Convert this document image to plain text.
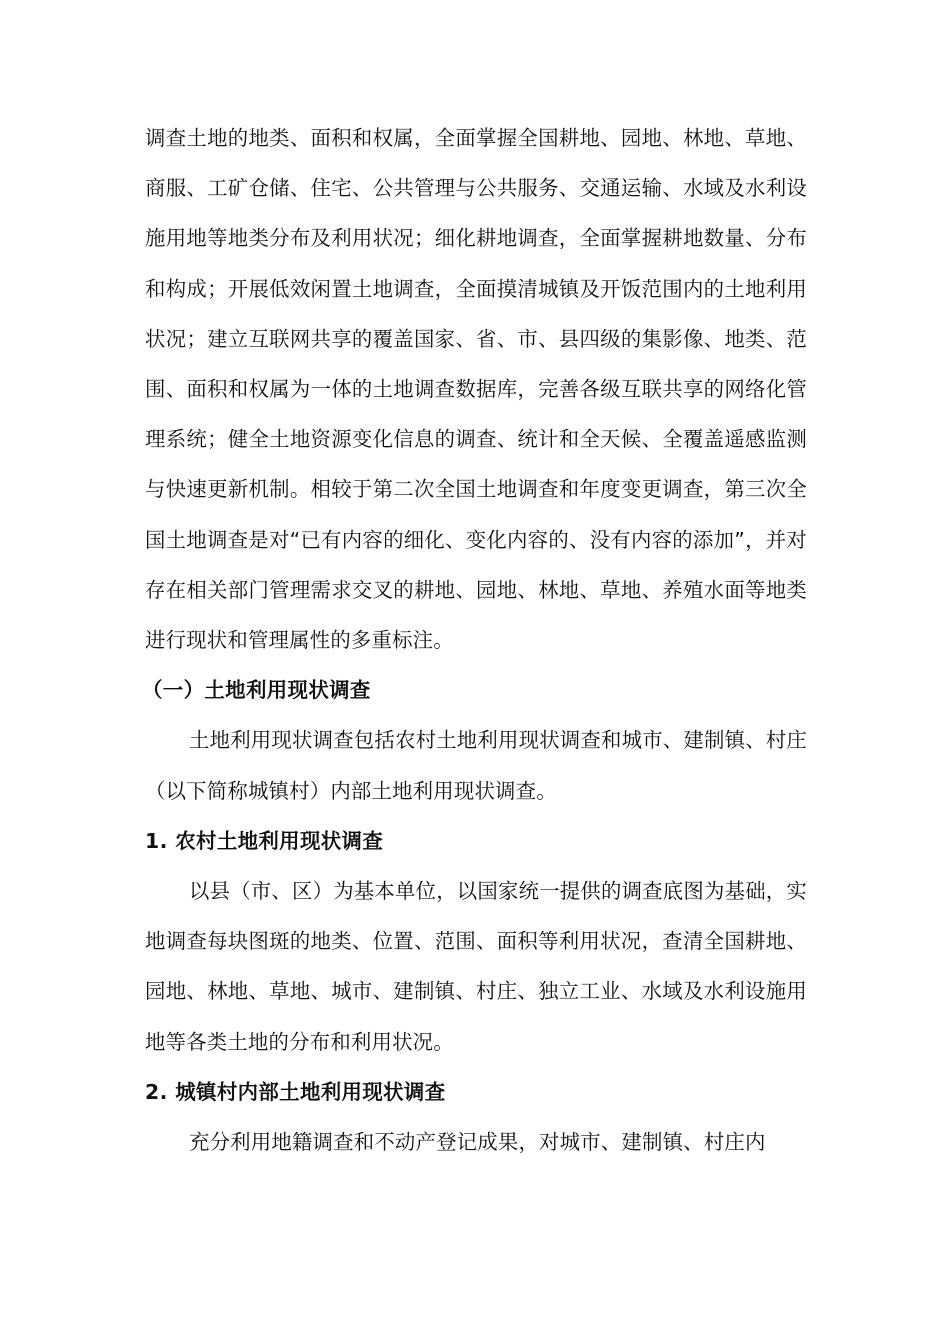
调查土地的地类、面积和权属，全面掌握全国耕地、园地、林地、草地、商服、工矿仓储、住宅、公共管理与公共服务、交通运输、水域及水利设施用地等地类分布及利用状况；细化耕地调查，全面掌握耕地数量、分布和构成；开展低效闲置土地调查，全面摸清城镇及开饭范围内的土地利用状况；建立互联网共享的覆盖国家、省、市、县四级的集影像、地类、范围、面积和权属为一体的土地调查数据库，完善各级互联共享的网络化管理系统；健全土地资源变化信息的调查、统计和全天候、全覆盖遥感监测与快速更新机制。相较于第二次全国土地调查和年度变更调查，第三次全国土地调查是对“已有内容的细化、变化内容的、没有内容的添加”，并对存在相关部门管理需求交叉的耕地、园地、林地、草地、养殖水面等地类进行现状和管理属性的多重标注。

（一）土地利用现状调查

土地利用现状调查包括农村土地利用现状调查和城市、建制镇、村庄（以下简称城镇村）内部土地利用现状调查。

1. 农村土地利用现状调查

以县（市、区）为基本单位，以国家统一提供的调查底图为基础，实地调查每块图斑的地类、位置、范围、面积等利用状况，查清全国耕地、园地、林地、草地、城市、建制镇、村庄、独立工业、水域及水利设施用地等各类土地的分布和利用状况。

2. 城镇村内部土地利用现状调查

充分利用地籍调查和不动产登记成果，对城市、建制镇、村庄内
